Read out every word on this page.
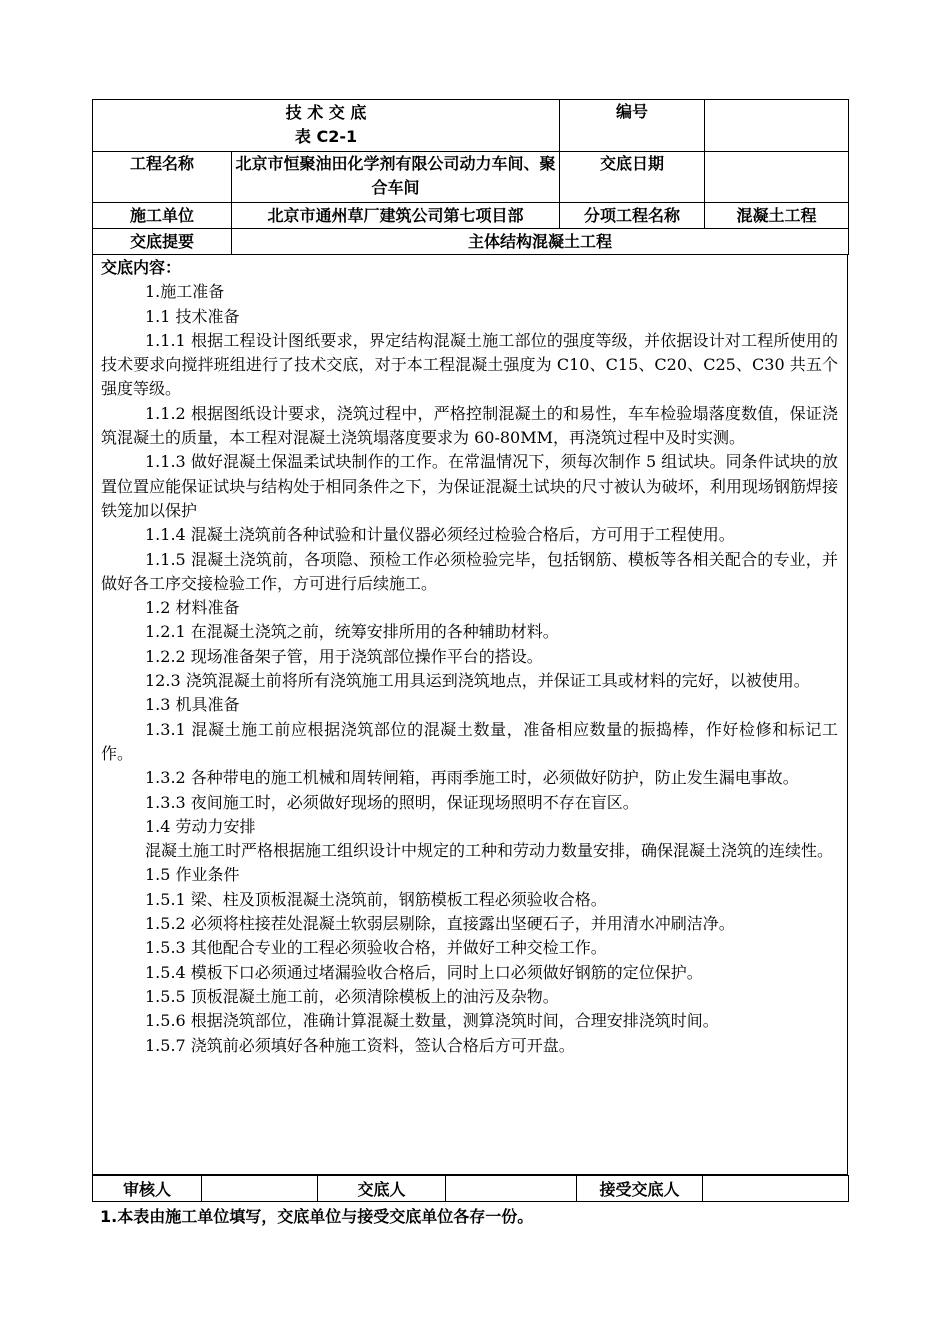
技 术 交 底
表 C2-1		编号	
工程名称	北京市恒聚油田化学剂有限公司动力车间、聚合车间	交底日期	
施工单位	北京市通州草厂建筑公司第七项目部	分项工程名称	混凝土工程
交底提要	主体结构混凝土工程		
交底内容：

1.施工准备

1.1 技术准备

1.1.1 根据工程设计图纸要求，界定结构混凝土施工部位的强度等级，并依据设计对工程所使用的技术要求向搅拌班组进行了技术交底，对于本工程混凝土强度为 C10、C15、C20、C25、C30 共五个强度等级。

1.1.2 根据图纸设计要求，浇筑过程中，严格控制混凝土的和易性，车车检验塌落度数值，保证浇筑混凝土的质量，本工程对混凝土浇筑塌落度要求为 60-80MM，再浇筑过程中及时实测。

1.1.3 做好混凝土保温柔试块制作的工作。在常温情况下，须每次制作 5 组试块。同条件试块的放置位置应能保证试块与结构处于相同条件之下，为保证混凝土试块的尺寸被认为破坏，利用现场钢筋焊接铁笼加以保护

1.1.4 混凝土浇筑前各种试验和计量仪器必须经过检验合格后，方可用于工程使用。

1.1.5 混凝土浇筑前，各项隐、预检工作必须检验完毕，包括钢筋、模板等各相关配合的专业，并做好各工序交接检验工作，方可进行后续施工。

1.2 材料准备

1.2.1 在混凝土浇筑之前，统筹安排所用的各种辅助材料。

1.2.2 现场准备架子管，用于浇筑部位操作平台的搭设。

12.3 浇筑混凝土前将所有浇筑施工用具运到浇筑地点，并保证工具或材料的完好，以被使用。

1.3 机具准备

1.3.1 混凝土施工前应根据浇筑部位的混凝土数量，准备相应数量的振捣棒，作好检修和标记工作。

1.3.2 各种带电的施工机械和周转闸箱，再雨季施工时，必须做好防护，防止发生漏电事故。

1.3.3 夜间施工时，必须做好现场的照明，保证现场照明不存在盲区。

1.4 劳动力安排

混凝土施工时严格根据施工组织设计中规定的工种和劳动力数量安排，确保混凝土浇筑的连续性。

1.5 作业条件

1.5.1 梁、柱及顶板混凝土浇筑前，钢筋模板工程必须验收合格。

1.5.2 必须将柱接茬处混凝土软弱层剔除，直接露出坚硬石子，并用清水冲刷洁净。

1.5.3 其他配合专业的工程必须验收合格，并做好工种交检工作。

1.5.4 模板下口必须通过堵漏验收合格后，同时上口必须做好钢筋的定位保护。

1.5.5 顶板混凝土施工前，必须清除模板上的油污及杂物。

1.5.6 根据浇筑部位，准确计算混凝土数量，测算浇筑时间，合理安排浇筑时间。

1.5.7 浇筑前必须填好各种施工资料，签认合格后方可开盘。

审核人		交底人		接受交底人	
1.本表由施工单位填写，交底单位与接受交底单位各存一份。
